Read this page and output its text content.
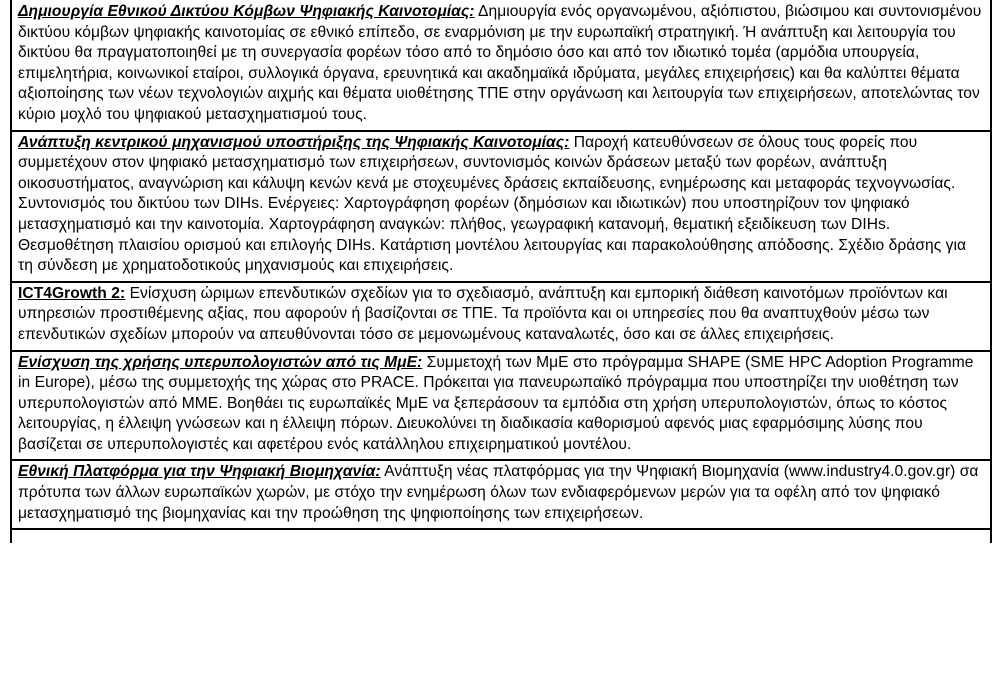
Δημιουργία Εθνικού Δικτύου Κόμβων Ψηφιακής Καινοτομίας: Δημιουργία ενός οργανωμένου, αξιόπιστου, βιώσιμου και συντονισμένου δικτύου κόμβων ψηφιακής καινοτομίας σε εθνικό επίπεδο, σε εναρμόνιση με την ευρωπαϊκή στρατηγική. Ή ανάπτυξη και λειτουργία του δικτύου θα πραγματοποιηθεί με τη συνεργασία φορέων τόσο από το δημόσιο όσο και από τον ιδιωτικό τομέα (αρμόδια υπουργεία, επιμελητήρια, κοινωνικοί εταίροι, συλλογικά όργανα, ερευνητικά και ακαδημαϊκά ιδρύματα, μεγάλες επιχειρήσεις) και θα καλύπτει θέματα αξιοποίησης των νέων τεχνολογιών αιχμής και θέματα υιοθέτησης ΤΠΕ στην οργάνωση και λειτουργία των επιχειρήσεων, αποτελώντας τον κύριο μοχλό του ψηφιακού μετασχηματισμού τους.
Ανάπτυξη κεντρικού μηχανισμού υποστήριξης της Ψηφιακής Καινοτομίας: Παροχή κατευθύνσεων σε όλους τους φορείς που συμμετέχουν στον ψηφιακό μετασχηματισμό των επιχειρήσεων, συντονισμός κοινών δράσεων μεταξύ των φορέων, ανάπτυξη οικοσυστήματος, αναγνώριση και κάλυψη κενών κενά με στοχευμένες δράσεις εκπαίδευσης, ενημέρωσης και μεταφοράς τεχνογνωσίας. Συντονισμός του δικτύου των DIHs. Ενέργειες: Χαρτογράφηση φορέων (δημόσιων και ιδιωτικών) που υποστηρίζουν τον ψηφιακό μετασχηματισμό και την καινοτομία. Χαρτογράφηση αναγκών: πλήθος, γεωγραφική κατανομή, θεματική εξειδίκευση των DIHs. Θεσμοθέτηση πλαισίου ορισμού και επιλογής DIHs. Κατάρτιση μοντέλου λειτουργίας και παρακολούθησης απόδοσης. Σχέδιο δράσης για τη σύνδεση με χρηματοδοτικούς μηχανισμούς και επιχειρήσεις.
ICT4Growth 2: Ενίσχυση ώριμων επενδυτικών σχεδίων για το σχεδιασμό, ανάπτυξη και εμπορική διάθεση καινοτόμων προϊόντων και υπηρεσιών προστιθέμενης αξίας, που αφορούν ή βασίζονται σε ΤΠΕ. Τα προϊόντα και οι υπηρεσίες που θα αναπτυχθούν μέσω των επενδυτικών σχεδίων μπορούν να απευθύνονται τόσο σε μεμονωμένους καταναλωτές, όσο και σε άλλες επιχειρήσεις.
Ενίσχυση της χρήσης υπερυπολογιστών από τις ΜμΕ: Συμμετοχή των ΜμΕ στο πρόγραμμα SHAPE (SME HPC Adoption Programme in Europe), μέσω της συμμετοχής της χώρας στο PRACE. Πρόκειται για πανευρωπαϊκό πρόγραμμα που υποστηρίζει την υιοθέτηση των υπερυπολογιστών από ΜΜΕ. Βοηθάει τις ευρωπαϊκές ΜμΕ να ξεπεράσουν τα εμπόδια στη χρήση υπερυπολογιστών, όπως το κόστος λειτουργίας, η έλλειψη γνώσεων και η έλλειψη πόρων. Διευκολύνει τη διαδικασία καθορισμού αφενός μιας εφαρμόσιμης λύσης που βασίζεται σε υπερυπολογιστές και αφετέρου ενός κατάλληλου επιχειρηματικού μοντέλου.
Εθνική Πλατφόρμα για την Ψηφιακή Βιομηχανία: Ανάπτυξη νέας πλατφόρμας για την Ψηφιακή Βιομηχανία (www.industry4.0.gov.gr) σα πρότυπα των άλλων ευρωπαϊκών χωρών, με στόχο την ενημέρωση όλων των ενδιαφερόμενων μερών για τα οφέλη από τον ψηφιακό μετασχηματισμό της βιομηχανίας και την προώθηση της ψηφιοποίησης των επιχειρήσεων.
